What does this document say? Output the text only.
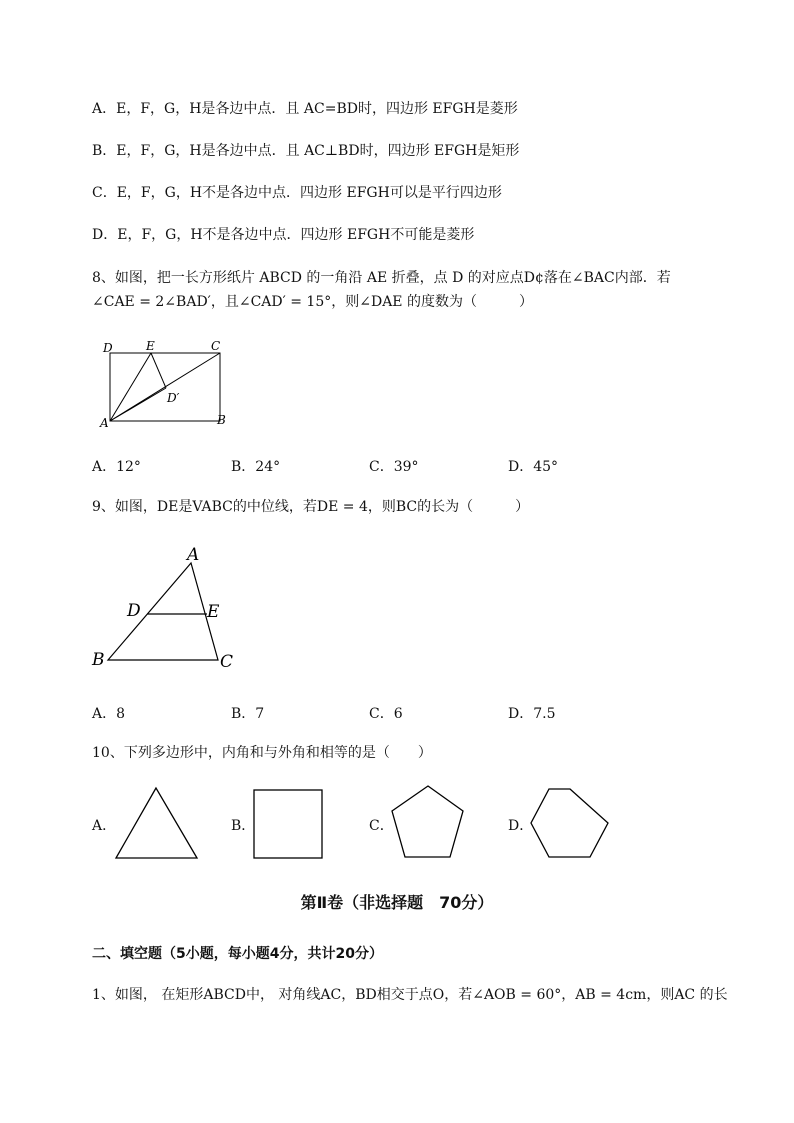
A．E，F，G，H是各边中点．且 AC=BD时，四边形 EFGH是菱形
B．E，F，G，H是各边中点．且 AC⊥BD时，四边形 EFGH是矩形
C．E，F，G，H不是各边中点．四边形 EFGH可以是平行四边形
D．E，F，G，H不是各边中点．四边形 EFGH不可能是菱形
8、如图，把一长方形纸片 ABCD 的一角沿 AE 折叠，点 D 的对应点D¢落在∠BAC内部．若
∠CAE = 2∠BAD′，且∠CAD′ = 15°，则∠DAE 的度数为（　　　）
D	E	C
D′
A	B
A．12°	B．24°	C．39°	D．45°
9、如图，DE是VABC的中位线，若DE = 4，则BC的长为（　　　）
A
D	E
B	C
A．8	B．7	C．6	D．7.5
10、下列多边形中，内角和与外角和相等的是（　　）
A．	B．	C．	D．
第Ⅱ卷（非选择题　70分）
二、填空题（5小题，每小题4分，共计20分）
1、如图， 在矩形ABCD中， 对角线AC，BD相交于点O，若∠AOB = 60°，AB = 4cm，则AC 的长
